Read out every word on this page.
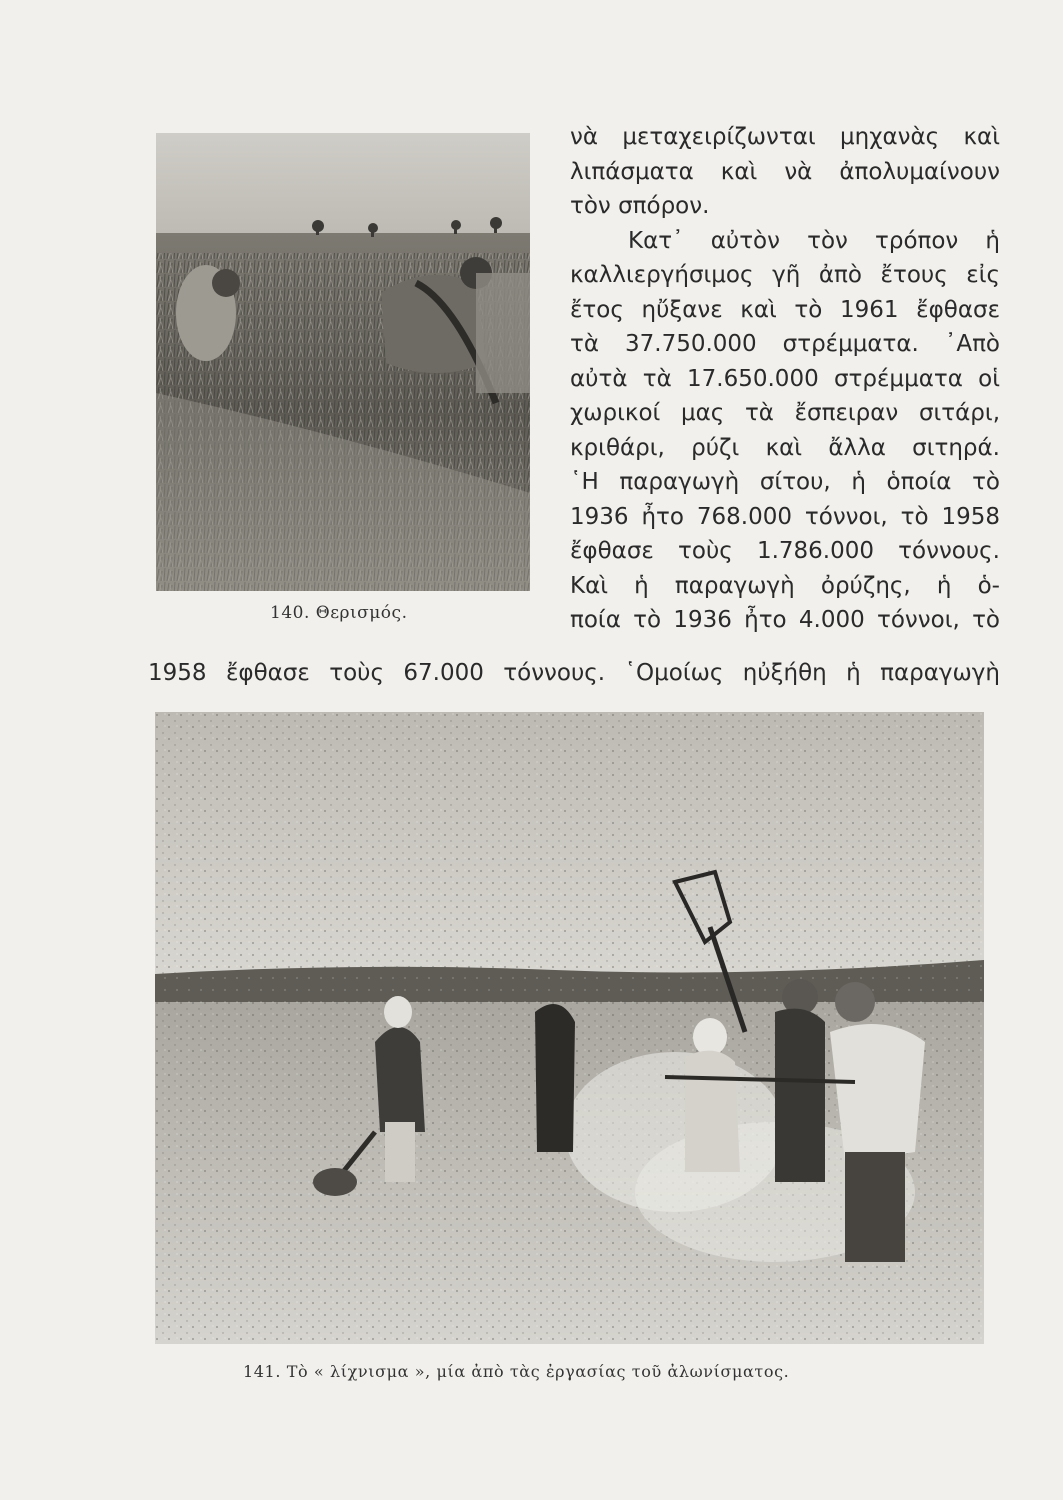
140. Θερισμός.
νὰ μεταχειρίζωνται μηχανὰς καὶ
λιπάσματα καὶ νὰ ἀπολυμαίνουν
τὸν σπόρον.
Κατ᾽ αὐτὸν τὸν τρόπον ἡ
καλλιεργήσιμος γῆ ἀπὸ ἔτους εἰς
ἔτος ηὔξανε καὶ τὸ 1961 ἔφθασε
τὰ 37.750.000 στρέμματα. ᾽Απὸ
αὐτὰ τὰ 17.650.000 στρέμματα οἱ
χωρικοί μας τὰ ἔσπειραν σιτάρι,
κριθάρι, ρύζι καὶ ἄλλα σιτηρά.
῾Η παραγωγὴ σίτου, ἡ ὁποία τὸ
1936 ἦτο 768.000 τόννοι, τὸ 1958
ἔφθασε τοὺς 1.786.000 τόννους.
Καὶ ἡ παραγωγὴ ὀρύζης, ἡ ὁ-
ποία τὸ 1936 ἦτο 4.000 τόννοι, τὸ
1958 ἔφθασε τοὺς 67.000 τόννους. ῾Ομοίως ηὐξήθη ἡ παραγωγὴ
141. Τὸ « λίχνισμα », μία ἀπὸ τὰς ἐργασίας τοῦ ἀλωνίσματος.
